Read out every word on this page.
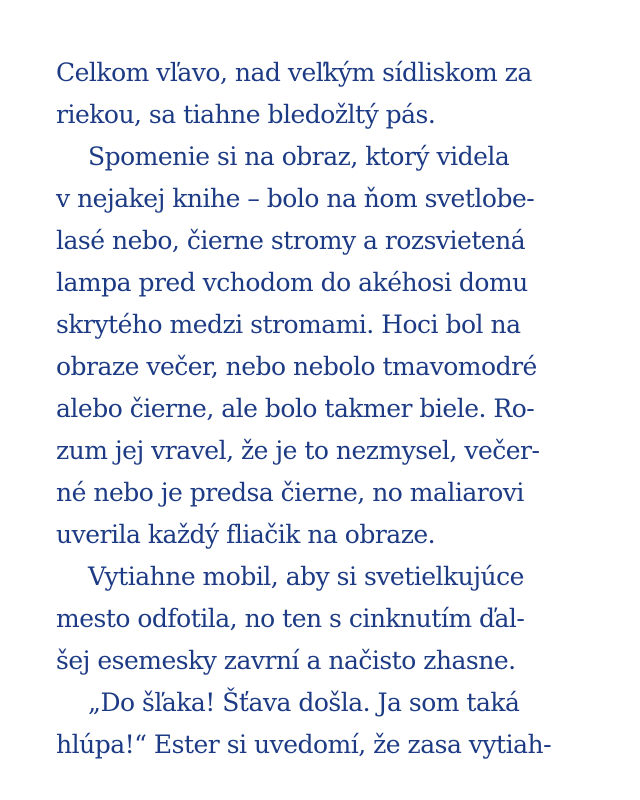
Celkom vľavo, nad veľkým sídliskom za
riekou, sa tiahne bledožltý pás.
Spomenie si na obraz, ktorý videla
v nejakej knihe – bolo na ňom svetlobe-
lasé nebo, čierne stromy a rozsvietená
lampa pred vchodom do akéhosi domu
skrytého medzi stromami. Hoci bol na
obraze večer, nebo nebolo tmavomodré
alebo čierne, ale bolo takmer biele. Ro-
zum jej vravel, že je to nezmysel, večer-
né nebo je predsa čierne, no maliarovi
uverila každý fliačik na obraze.
Vytiahne mobil, aby si svetielkujúce
mesto odfotila, no ten s cinknutím ďal-
šej esemesky zavrní a načisto zhasne.
„Do šľaka! Šťava došla. Ja som taká
hlúpa!“ Ester si uvedomí, že zasa vytiah-
